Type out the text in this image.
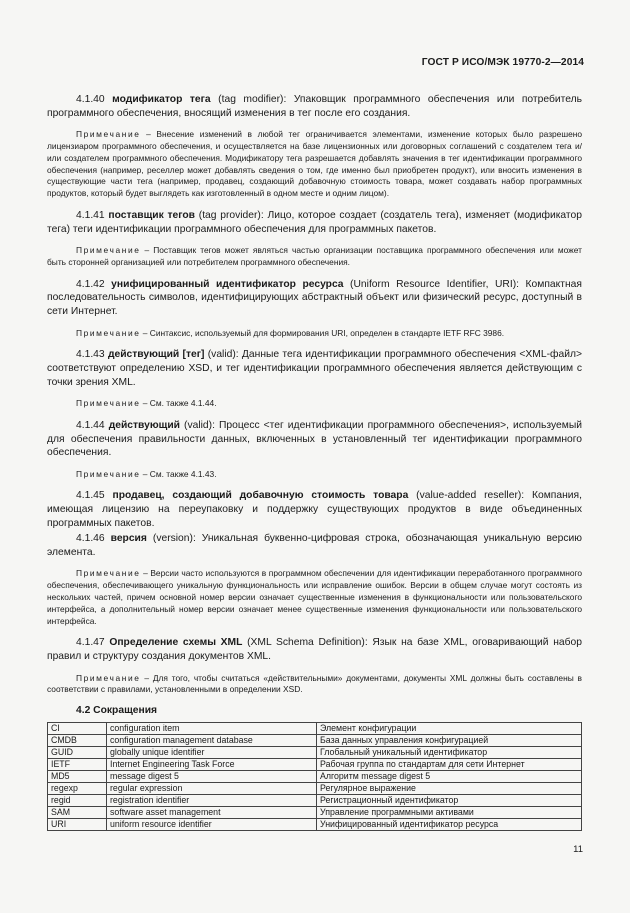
ГОСТ Р ИСО/МЭК 19770-2—2014

4.1.40 модификатор тега (tag modifier): Упаковщик программного обеспечения или потребитель программного обеспечения, вносящий изменения в тег после его создания.

Примечание – Внесение изменений в любой тег ограничивается элементами, изменение которых было разрешено лицензиаром программного обеспечения, и осуществляется на базе лицензионных или договорных соглашений с создателем тега и/или создателем программного обеспечения. Модификатору тега разрешается добавлять значения в тег идентификации программного обеспечения (например, реселлер может добавлять сведения о том, где именно был приобретен продукт), или вносить изменения в существующие части тега (например, продавец, создающий добавочную стоимость товара, может создавать набор программных продуктов, который будет выглядеть как изготовленный в одном месте и одним лицом).

4.1.41 поставщик тегов (tag provider): Лицо, которое создает (создатель тега), изменяет (модификатор тега) теги идентификации программного обеспечения для программных пакетов.

Примечание – Поставщик тегов может являться частью организации поставщика программного обеспечения или может быть сторонней организацией или потребителем программного обеспечения.

4.1.42 унифицированный идентификатор ресурса (Uniform Resource Identifier, URI): Компактная последовательность символов, идентифицирующих абстрактный объект или физический ресурс, доступный в сети Интернет.

Примечание – Синтаксис, используемый для формирования URI, определен в стандарте IETF RFC 3986.

4.1.43 действующий [тег] (valid): Данные тега идентификации программного обеспечения <XML-файл> соответствуют определению XSD, и тег идентификации программного обеспечения является действующим с точки зрения XML.

Примечание – См. также 4.1.44.

4.1.44 действующий (valid): Процесс <тег идентификации программного обеспечения>, используемый для обеспечения правильности данных, включенных в установленный тег идентификации программного обеспечения.

Примечание – См. также 4.1.43.

4.1.45 продавец, создающий добавочную стоимость товара (value-added reseller): Компания, имеющая лицензию на переупаковку и поддержку существующих продуктов в виде объединенных программных пакетов.

4.1.46 версия (version): Уникальная буквенно-цифровая строка, обозначающая уникальную версию элемента.

Примечание – Версии часто используются в программном обеспечении для идентификации переработанного программного обеспечения, обеспечивающего уникальную функциональность или исправление ошибок. Версии в общем случае могут состоять из нескольких частей, причем основной номер версии означает существенные изменения в функциональности или пользовательского интерфейса, а дополнительный номер версии означает менее существенные изменения функциональности или пользовательского интерфейса.

4.1.47 Определение схемы XML (XML Schema Definition): Язык на базе XML, оговаривающий набор правил и структуру создания документов XML.

Примечание – Для того, чтобы считаться «действительными» документами, документы XML должны быть составлены в соответствии с правилами, установленными в определении XSD.

4.2 Сокращения
CI	configuration item	Элемент конфигурации
CMDB	configuration management database	База данных управления конфигурацией
GUID	globally unique identifier	Глобальный уникальный идентификатор
IETF	Internet Engineering Task Force	Рабочая группа по стандартам для сети Интернет
MD5	message digest 5	Алгоритм message digest 5
regexp	regular expression	Регулярное выражение
regid	registration identifier	Регистрационный идентификатор
SAM	software asset management	Управление программными активами
URI	uniform resource identifier	Унифицированный идентификатор ресурса
11
